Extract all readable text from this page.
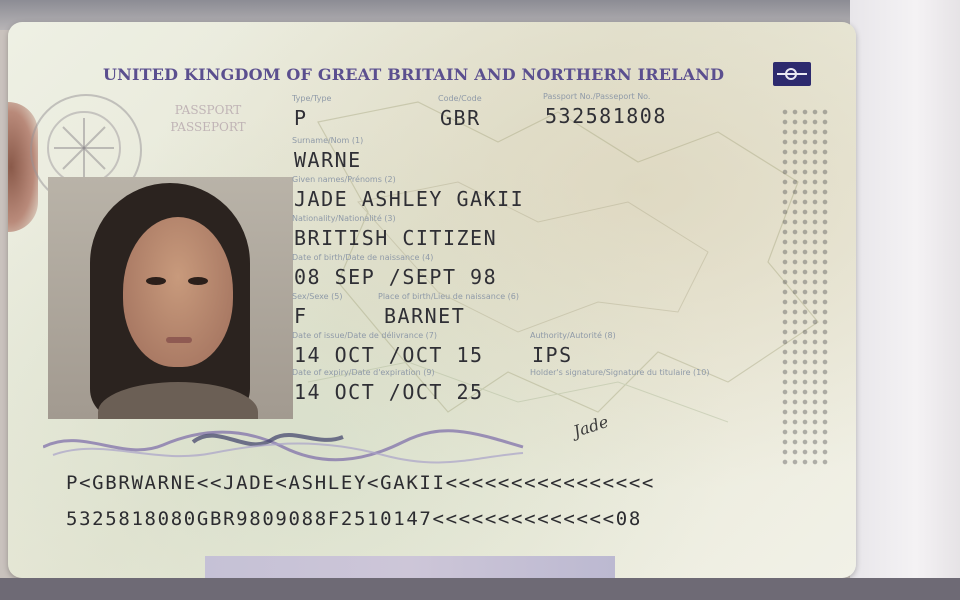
UNITED KINGDOM OF GREAT BRITAIN AND NORTHERN IRELAND
PASSPORT
PASSEPORT
Type/Type
P
Code/Code
GBR
Passport No./Passeport No.
532581808
Surname/Nom (1)
WARNE
Given names/Prénoms (2)
JADE ASHLEY GAKII
Nationality/Nationalité (3)
BRITISH CITIZEN
Date of birth/Date de naissance (4)
08 SEP /SEPT 98
Sex/Sexe (5)
F
Place of birth/Lieu de naissance (6)
BARNET
Date of issue/Date de délivrance (7)
14 OCT /OCT 15
Authority/Autorité (8)
IPS
Date of expiry/Date d'expiration (9)
14 OCT /OCT 25
Holder's signature/Signature du titulaire (10)
Jade
P<GBRWARNE<<JADE<ASHLEY<GAKII<<<<<<<<<<<<<<<<
5325818080GBR9809088F2510147<<<<<<<<<<<<<<08
